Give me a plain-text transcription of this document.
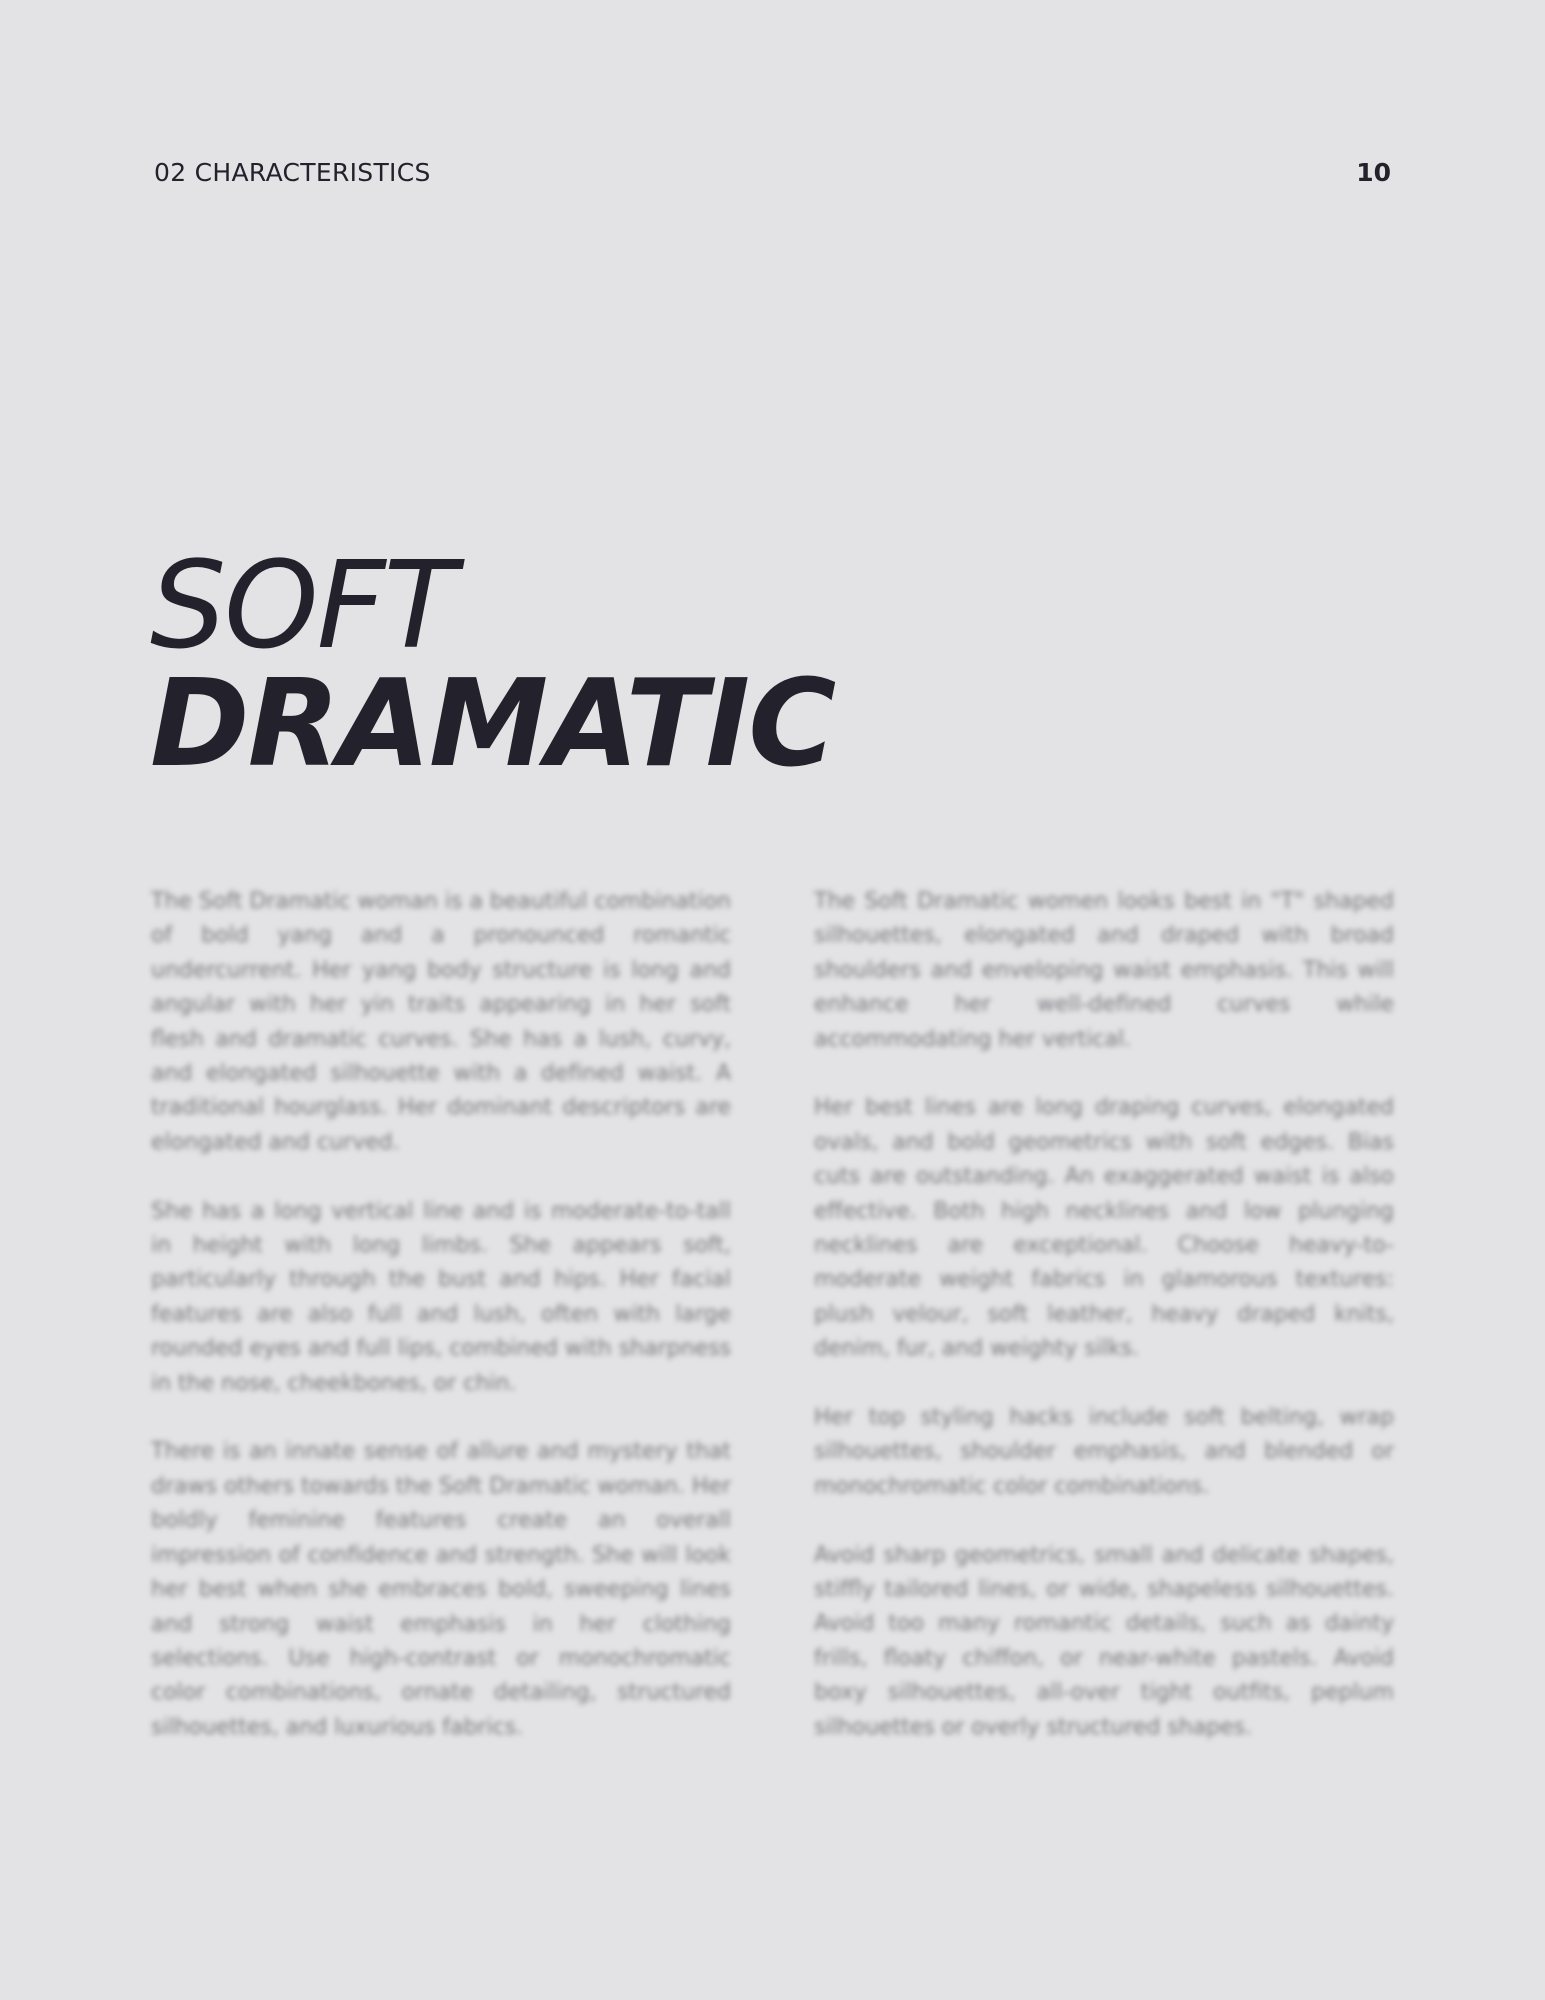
02 CHARACTERISTICS	10
SOFT
DRAMATIC

The Soft Dramatic woman is a beautiful combination of bold yang and a pronounced romantic undercurrent. Her yang body structure is long and angular with her yin traits appearing in her soft flesh and dramatic curves. She has a lush, curvy, and elongated silhouette with a defined waist. A traditional hourglass. Her dominant descriptors are elongated and curved.

She has a long vertical line and is moderate-to-tall in height with long limbs. She appears soft, particularly through the bust and hips. Her facial features are also full and lush, often with large rounded eyes and full lips, combined with sharpness in the nose, cheekbones, or chin.

There is an innate sense of allure and mystery that draws others towards the Soft Dramatic woman. Her boldly feminine features create an overall impression of confidence and strength. She will look her best when she embraces bold, sweeping lines and strong waist emphasis in her clothing selections. Use high-contrast or monochromatic color combinations, ornate detailing, structured silhouettes, and luxurious fabrics.

The Soft Dramatic women looks best in "T" shaped silhouettes, elongated and draped with broad shoulders and enveloping waist emphasis. This will enhance her well-defined curves while accommodating her vertical.

Her best lines are long draping curves, elongated ovals, and bold geometrics with soft edges. Bias cuts are outstanding. An exaggerated waist is also effective. Both high necklines and low plunging necklines are exceptional. Choose heavy-to-moderate weight fabrics in glamorous textures: plush velour, soft leather, heavy draped knits, denim, fur, and weighty silks.

Her top styling hacks include soft belting, wrap silhouettes, shoulder emphasis, and blended or monochromatic color combinations.

Avoid sharp geometrics, small and delicate shapes, stiffly tailored lines, or wide, shapeless silhouettes. Avoid too many romantic details, such as dainty frills, floaty chiffon, or near-white pastels. Avoid boxy silhouettes, all-over tight outfits, peplum silhouettes or overly structured shapes.
